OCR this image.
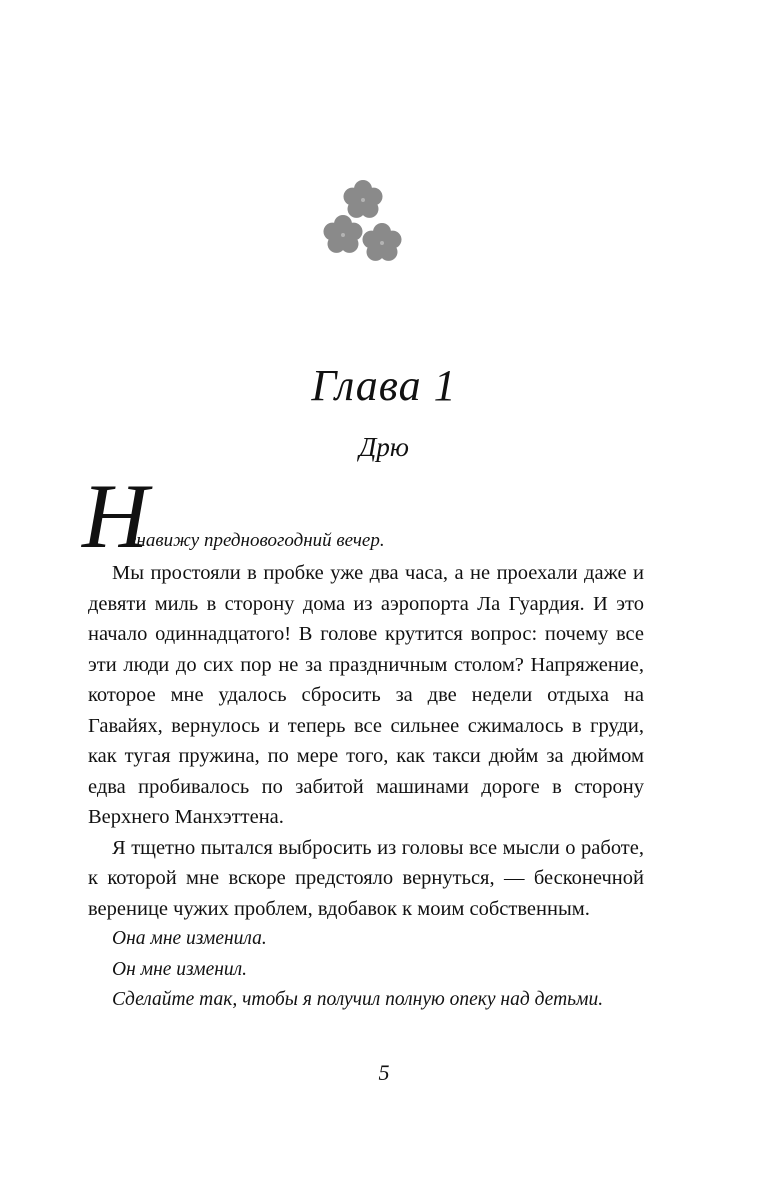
Глава 1
Дрю
Н
енавижу предновогодний вечер.

Мы простояли в пробке уже два часа, а не проехали даже и девяти миль в сторону дома из аэропорта Ла Гуардия. И это начало одиннадцатого! В голове крутится вопрос: почему все эти люди до сих пор не за праздничным столом? Напряжение, которое мне удалось сбросить за две недели отдыха на Гавайях, вернулось и теперь все сильнее сжималось в груди, как тугая пружина, по мере того, как такси дюйм за дюймом едва пробивалось по забитой машинами дороге в сторону Верхнего Манхэттена.

Я тщетно пытался выбросить из головы все мысли о работе, к которой мне вскоре предстояло вернуться, — бесконечной веренице чужих проблем, вдобавок к моим собственным.

Она мне изменила.

Он мне изменил.

Сделайте так, чтобы я получил полную опеку над детьми.

5
